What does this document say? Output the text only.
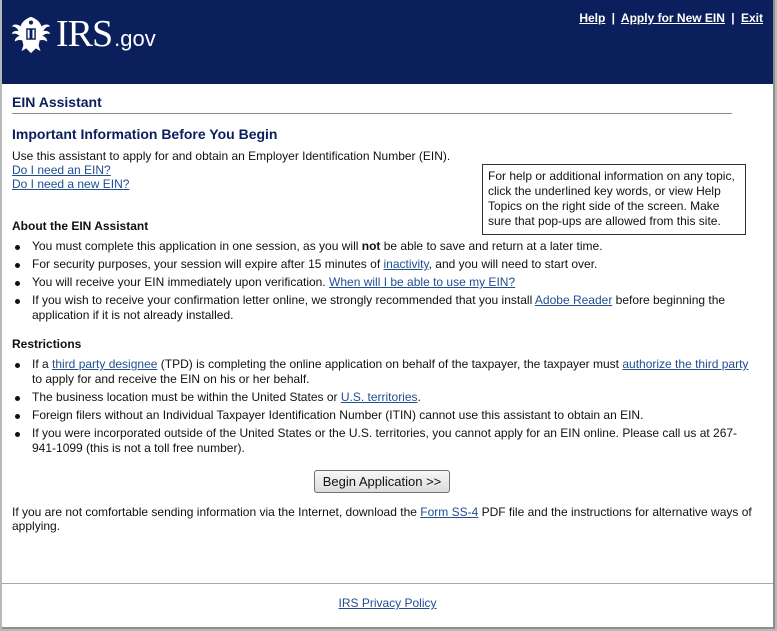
IRS .gov
Help | Apply for New EIN | Exit
EIN Assistant
Important Information Before You Begin

Use this assistant to apply for and obtain an Employer Identification Number (EIN).

Do I need an EIN?

Do I need a new EIN?

For help or additional information on any topic, click the underlined key words, or view Help Topics on the right side of the screen. Make sure that pop-ups are allowed from this site.
About the EIN Assistant
You must complete this application in one session, as you will not be able to save and return at a later time.
For security purposes, your session will expire after 15 minutes of inactivity, and you will need to start over.
You will receive your EIN immediately upon verification. When will I be able to use my EIN?
If you wish to receive your confirmation letter online, we strongly recommended that you install Adobe Reader before beginning the application if it is not already installed.
Restrictions
If a third party designee (TPD) is completing the online application on behalf of the taxpayer, the taxpayer must authorize the third party to apply for and receive the EIN on his or her behalf.
The business location must be within the United States or U.S. territories.
Foreign filers without an Individual Taxpayer Identification Number (ITIN) cannot use this assistant to obtain an EIN.
If you were incorporated outside of the United States or the U.S. territories, you cannot apply for an EIN online. Please call us at 267-941-1099 (this is not a toll free number).
Begin Application >>

If you are not comfortable sending information via the Internet, download the Form SS-4 PDF file and the instructions for alternative ways of applying.

IRS Privacy Policy
